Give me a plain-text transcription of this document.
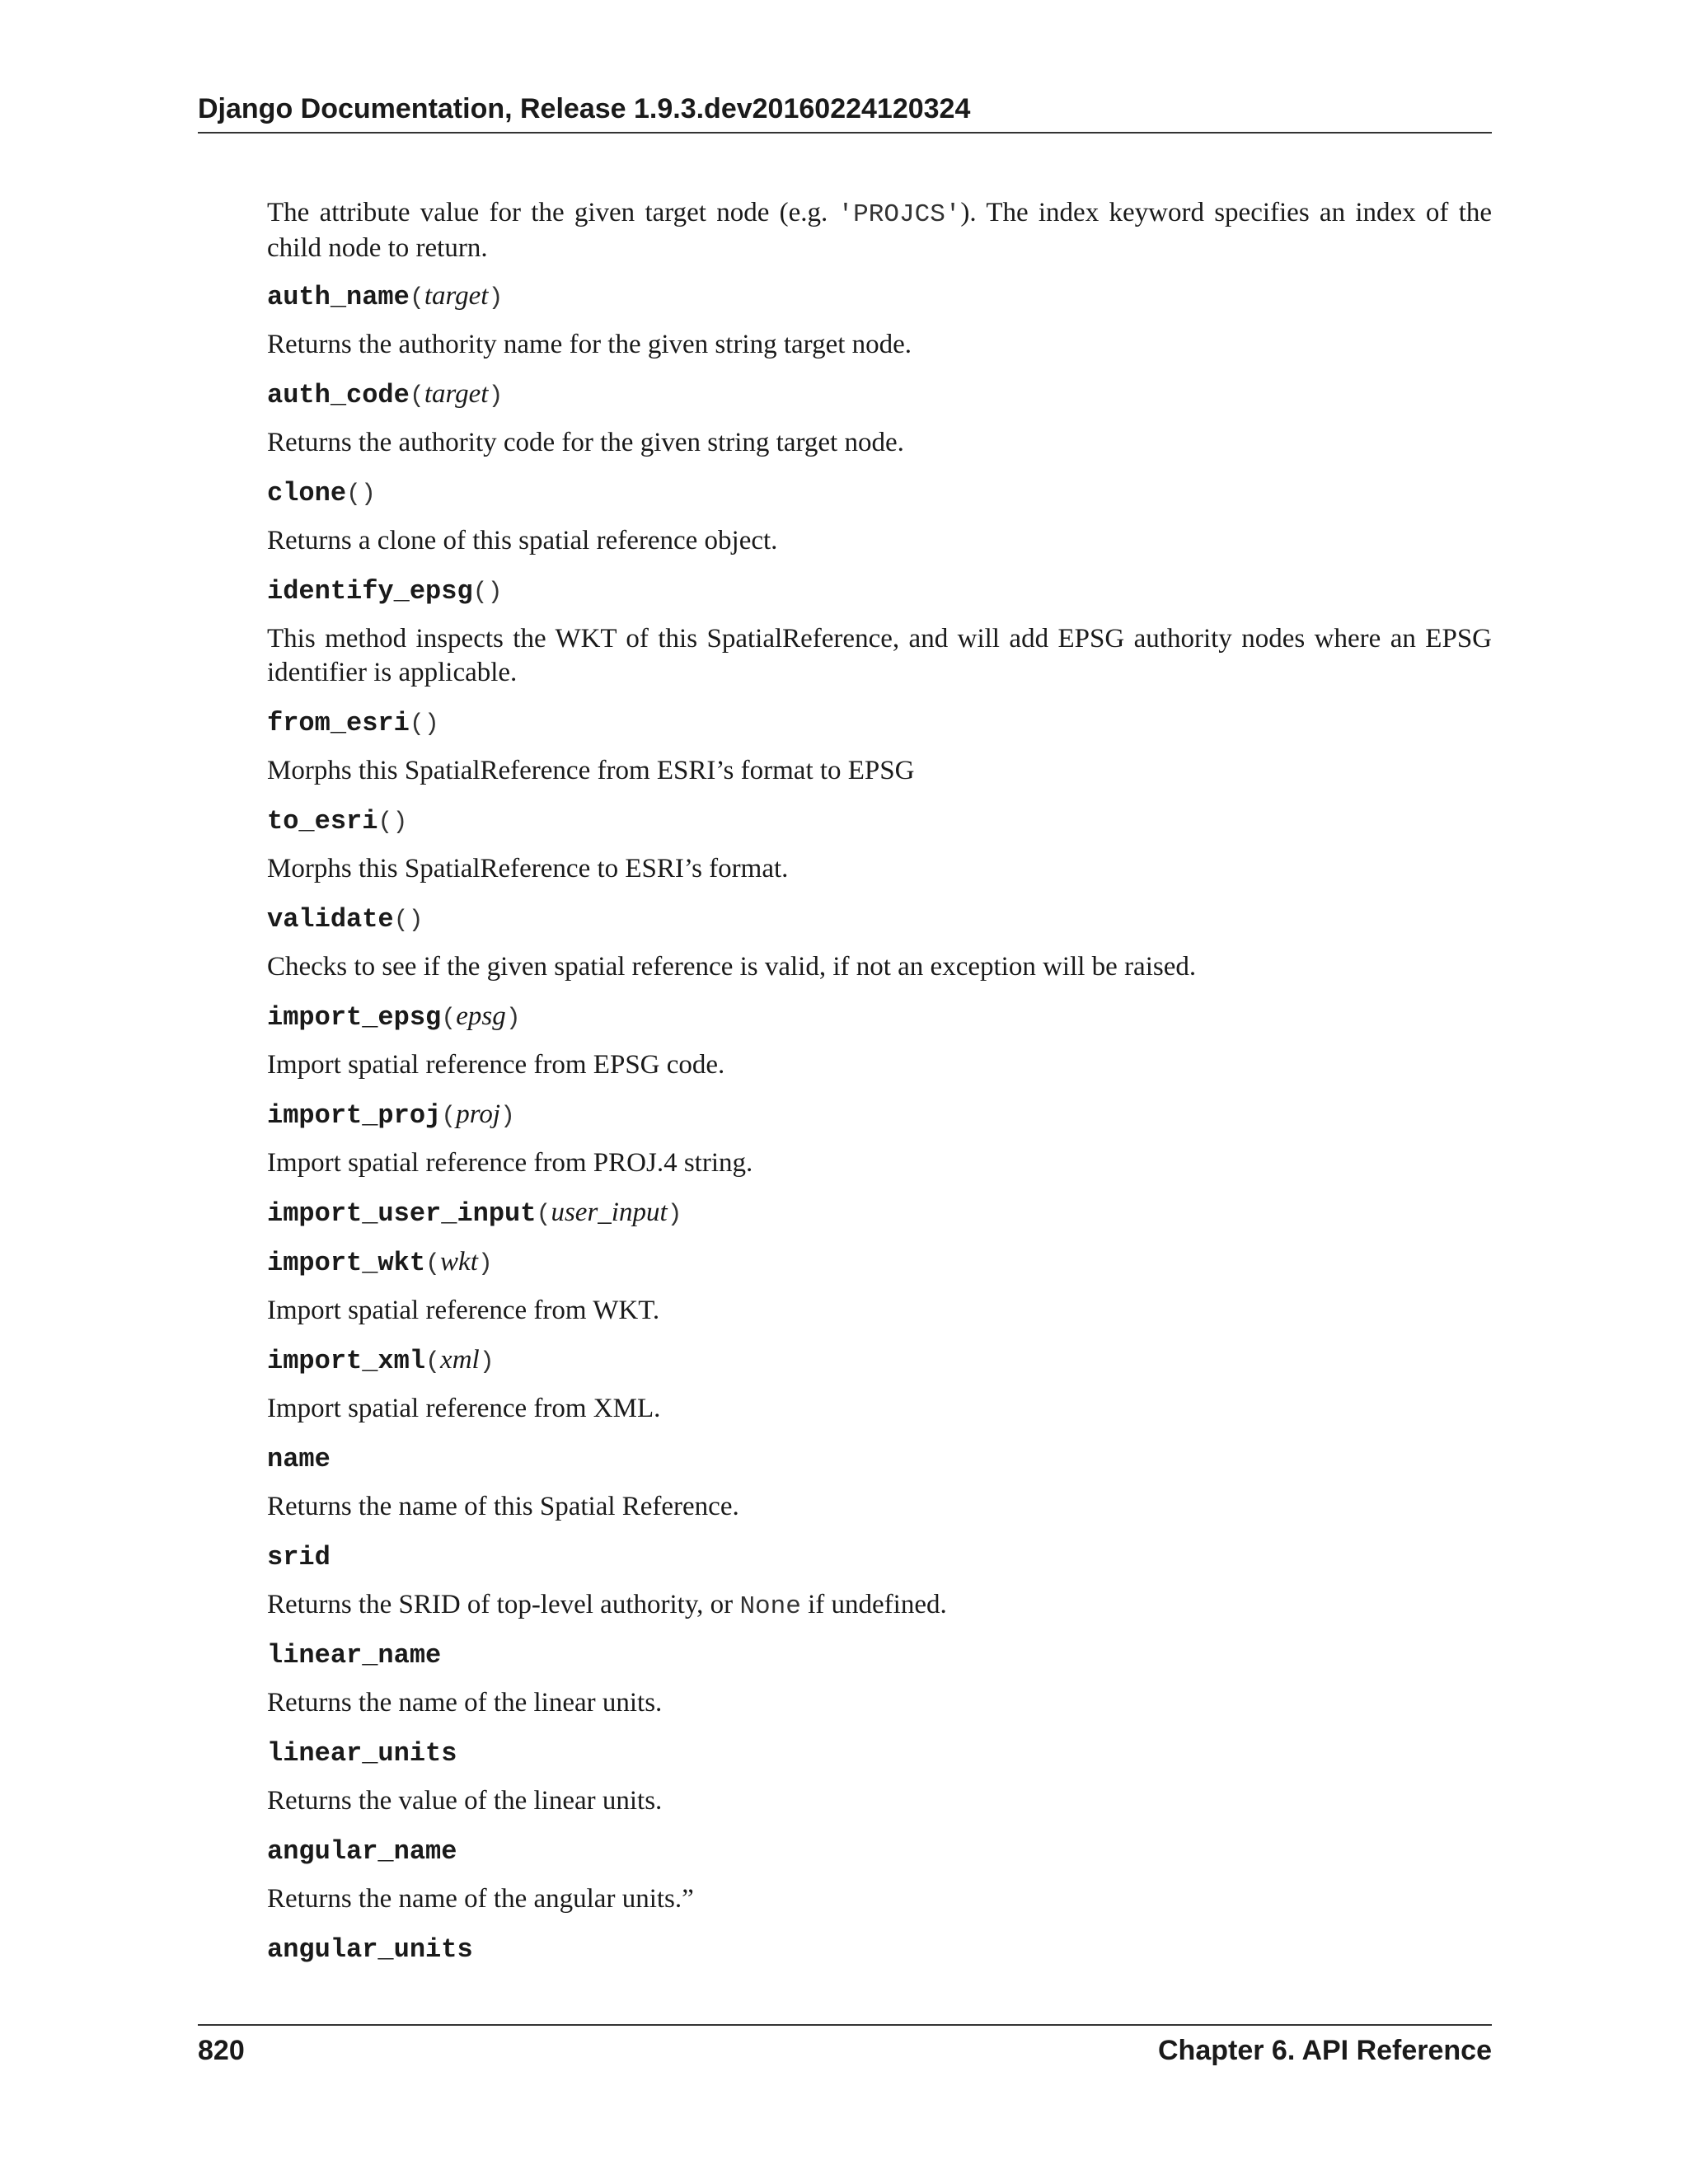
Django Documentation, Release 1.9.3.dev20160224120324

The attribute value for the given target node (e.g. 'PROJCS'). The index keyword specifies an index of the child node to return.

auth_name(target)
Returns the authority name for the given string target node.
auth_code(target)
Returns the authority code for the given string target node.
clone()
Returns a clone of this spatial reference object.
identify_epsg()
This method inspects the WKT of this SpatialReference, and will add EPSG authority nodes where an EPSG identifier is applicable.
from_esri()
Morphs this SpatialReference from ESRI’s format to EPSG
to_esri()
Morphs this SpatialReference to ESRI’s format.
validate()
Checks to see if the given spatial reference is valid, if not an exception will be raised.
import_epsg(epsg)
Import spatial reference from EPSG code.
import_proj(proj)
Import spatial reference from PROJ.4 string.
import_user_input(user_input)
import_wkt(wkt)
Import spatial reference from WKT.
import_xml(xml)
Import spatial reference from XML.
name
Returns the name of this Spatial Reference.
srid
Returns the SRID of top-level authority, or None if undefined.
linear_name
Returns the name of the linear units.
linear_units
Returns the value of the linear units.
angular_name
Returns the name of the angular units.”
angular_units
820	Chapter 6. API Reference
